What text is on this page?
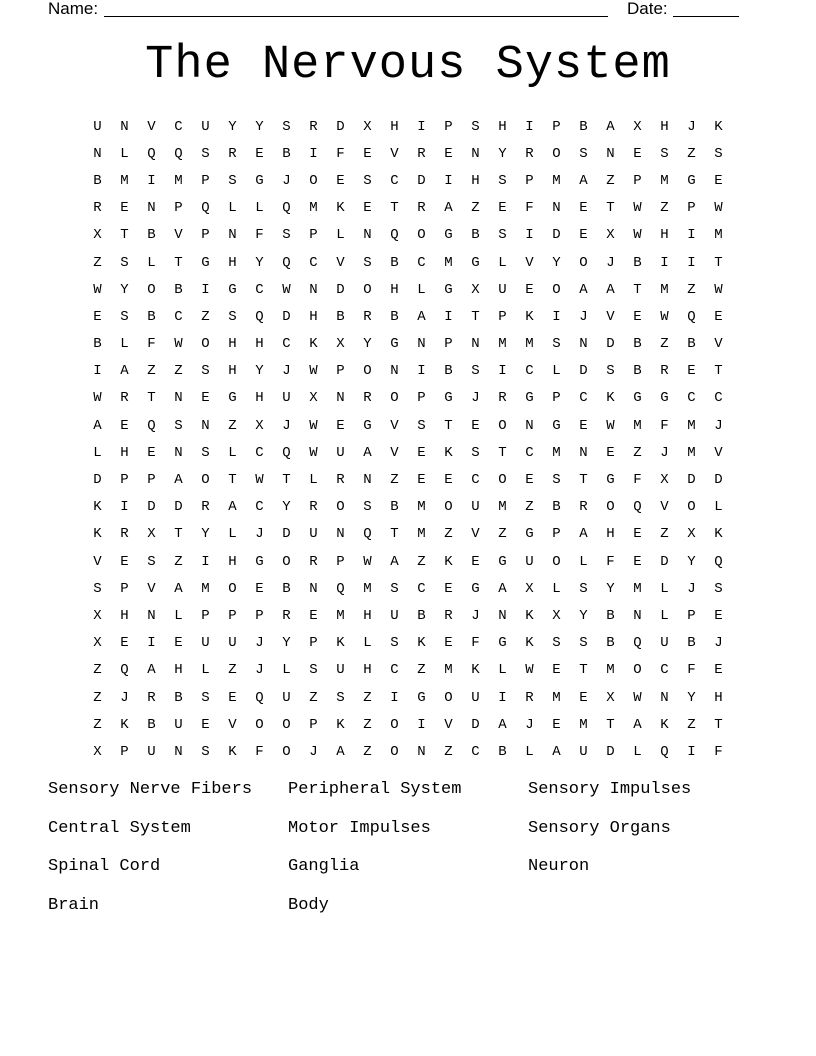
Name:	Date:
The Nervous System
U	N	V	C	U	Y	Y	S	R	D	X	H	I	P	S	H	I	P	B	A	X	H	J	K
N	L	Q	Q	S	R	E	B	I	F	E	V	R	E	N	Y	R	O	S	N	E	S	Z	S
B	M	I	M	P	S	G	J	O	E	S	C	D	I	H	S	P	M	A	Z	P	M	G	E
R	E	N	P	Q	L	L	Q	M	K	E	T	R	A	Z	E	F	N	E	T	W	Z	P	W
X	T	B	V	P	N	F	S	P	L	N	Q	O	G	B	S	I	D	E	X	W	H	I	M
Z	S	L	T	G	H	Y	Q	C	V	S	B	C	M	G	L	V	Y	O	J	B	I	I	T
W	Y	O	B	I	G	C	W	N	D	O	H	L	G	X	U	E	O	A	A	T	M	Z	W
E	S	B	C	Z	S	Q	D	H	B	R	B	A	I	T	P	K	I	J	V	E	W	Q	E
B	L	F	W	O	H	H	C	K	X	Y	G	N	P	N	M	M	S	N	D	B	Z	B	V
I	A	Z	Z	S	H	Y	J	W	P	O	N	I	B	S	I	C	L	D	S	B	R	E	T
W	R	T	N	E	G	H	U	X	N	R	O	P	G	J	R	G	P	C	K	G	G	C	C
A	E	Q	S	N	Z	X	J	W	E	G	V	S	T	E	O	N	G	E	W	M	F	M	J
L	H	E	N	S	L	C	Q	W	U	A	V	E	K	S	T	C	M	N	E	Z	J	M	V
D	P	P	A	O	T	W	T	L	R	N	Z	E	E	C	O	E	S	T	G	F	X	D	D
K	I	D	D	R	A	C	Y	R	O	S	B	M	O	U	M	Z	B	R	O	Q	V	O	L
K	R	X	T	Y	L	J	D	U	N	Q	T	M	Z	V	Z	G	P	A	H	E	Z	X	K
V	E	S	Z	I	H	G	O	R	P	W	A	Z	K	E	G	U	O	L	F	E	D	Y	Q
S	P	V	A	M	O	E	B	N	Q	M	S	C	E	G	A	X	L	S	Y	M	L	J	S
X	H	N	L	P	P	P	R	E	M	H	U	B	R	J	N	K	X	Y	B	N	L	P	E
X	E	I	E	U	U	J	Y	P	K	L	S	K	E	F	G	K	S	S	B	Q	U	B	J
Z	Q	A	H	L	Z	J	L	S	U	H	C	Z	M	K	L	W	E	T	M	O	C	F	E
Z	J	R	B	S	E	Q	U	Z	S	Z	I	G	O	U	I	R	M	E	X	W	N	Y	H
Z	K	B	U	E	V	O	O	P	K	Z	O	I	V	D	A	J	E	M	T	A	K	Z	T
X	P	U	N	S	K	F	O	J	A	Z	O	N	Z	C	B	L	A	U	D	L	Q	I	F
Sensory Nerve Fibers	Peripheral System	Sensory Impulses
Central System	Motor Impulses	Sensory Organs
Spinal Cord	Ganglia	Neuron
Brain	Body
